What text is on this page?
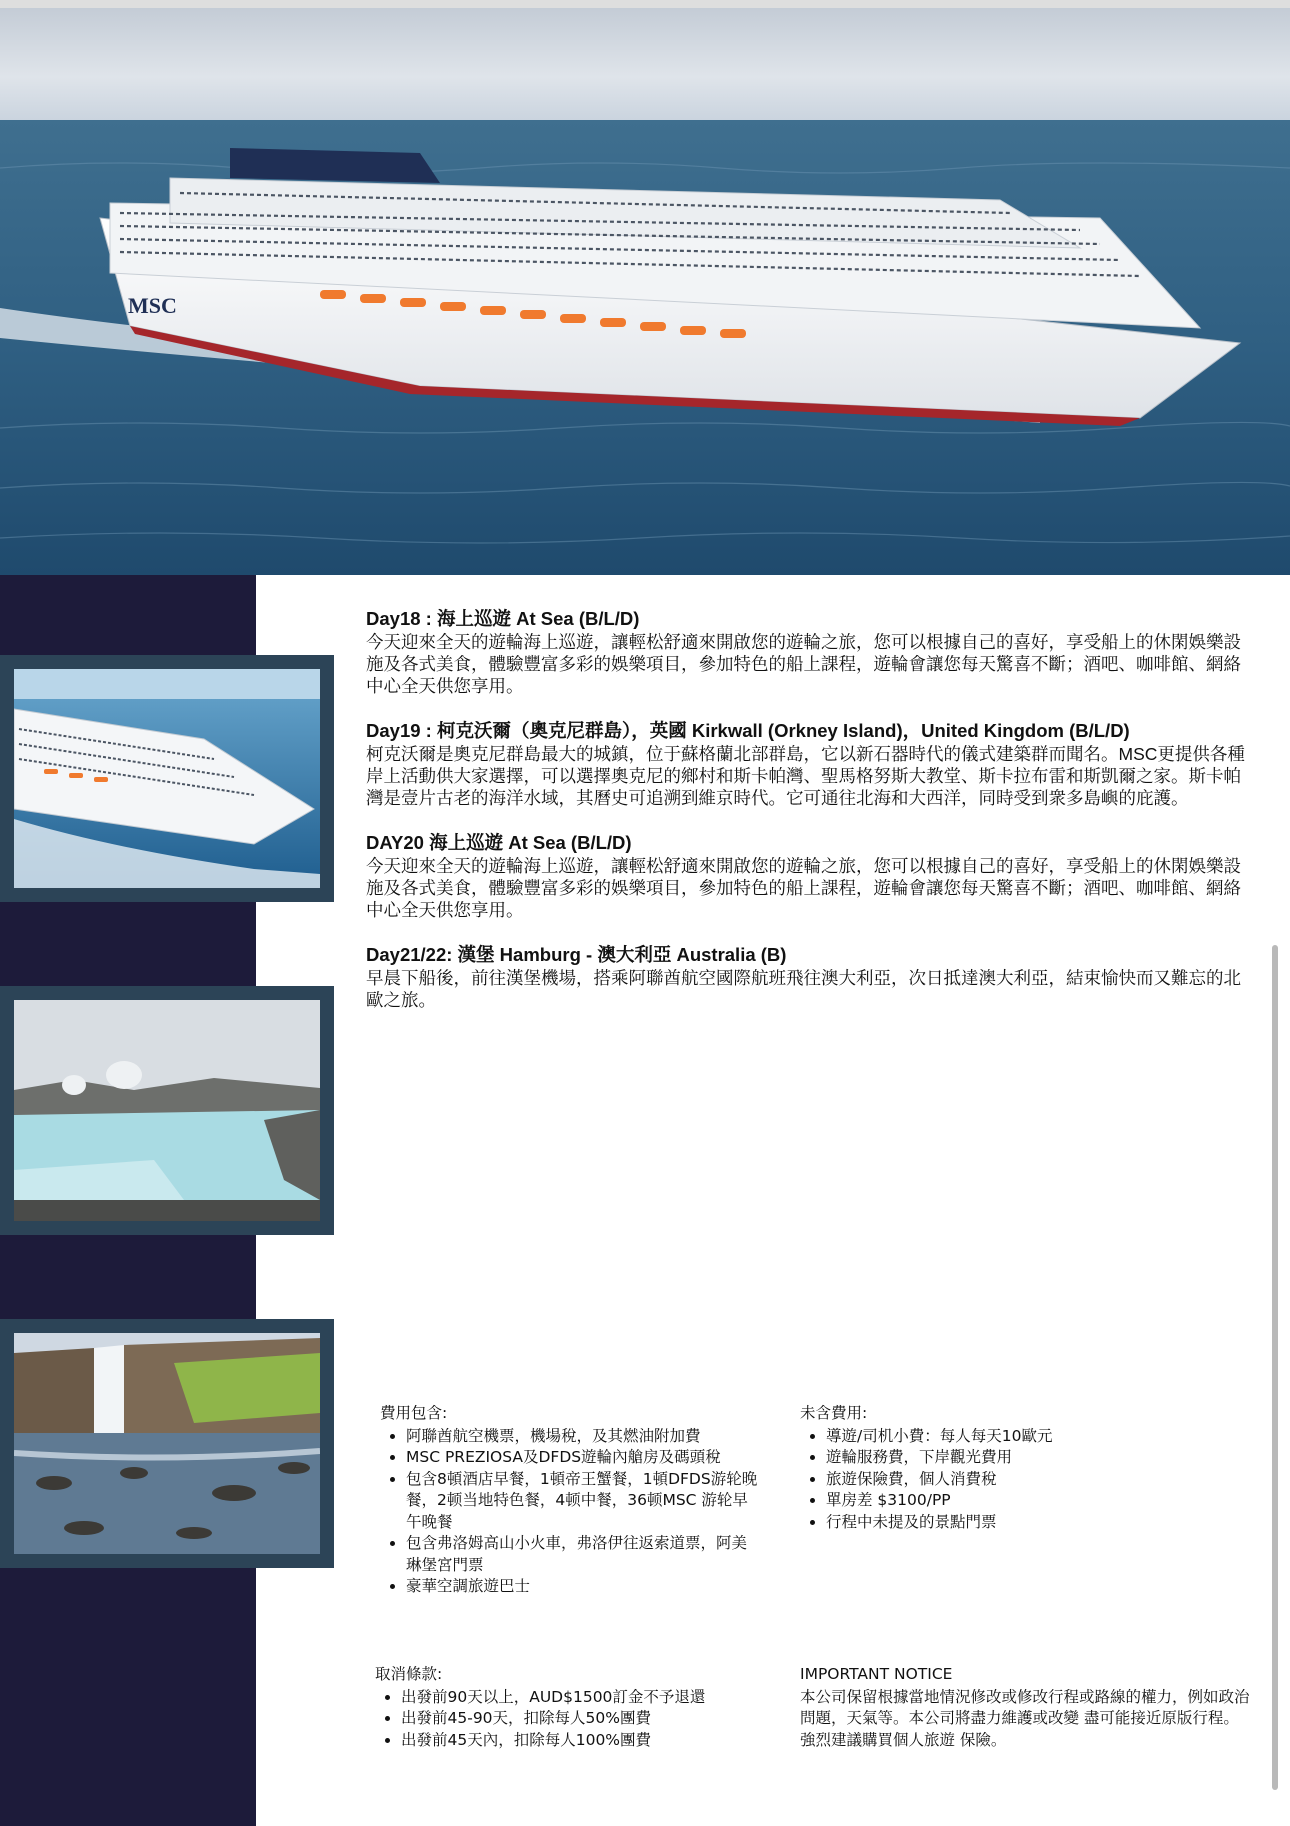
MSC
Day18 : 海上巡遊 At Sea (B/L/D)

今天迎來全天的遊輪海上巡遊，讓輕松舒適來開啟您的遊輪之旅，您可以根據自己的喜好，享受船上的休閑娛樂設施及各式美食，體驗豐富多彩的娛樂項目，參加特色的船上課程，遊輪會讓您每天驚喜不斷；酒吧、咖啡館、網絡中心全天供您享用。

Day19 : 柯克沃爾（奧克尼群島），英國 Kirkwall (Orkney Island)，United Kingdom (B/L/D)

柯克沃爾是奧克尼群島最大的城鎮，位于蘇格蘭北部群島，它以新石器時代的儀式建築群而聞名。MSC更提供各種岸上活動供大家選擇，可以選擇奧克尼的鄉村和斯卡帕灣、聖馬格努斯大教堂、斯卡拉布雷和斯凱爾之家。斯卡帕灣是壹片古老的海洋水域，其曆史可追溯到維京時代。它可通往北海和大西洋，同時受到衆多島嶼的庇護。

DAY20 海上巡遊 At Sea (B/L/D)

今天迎來全天的遊輪海上巡遊，讓輕松舒適來開啟您的遊輪之旅，您可以根據自己的喜好，享受船上的休閑娛樂設施及各式美食，體驗豐富多彩的娛樂項目，參加特色的船上課程，遊輪會讓您每天驚喜不斷；酒吧、咖啡館、網絡中心全天供您享用。

Day21/22: 漢堡 Hamburg - 澳大利亞 Australia (B)

早晨下船後，前往漢堡機場，搭乘阿聯酋航空國際航班飛往澳大利亞，次日抵達澳大利亞，結束愉快而又難忘的北歐之旅。

費用包含:

• 阿聯酋航空機票，機場稅，及其燃油附加費
• MSC PREZIOSA及DFDS遊輪內艙房及碼頭稅
• 包含8頓酒店早餐，1頓帝王蟹餐，1頓DFDS游轮晚餐，2顿当地特色餐，4顿中餐，36顿MSC 游轮早午晚餐
• 包含弗洛姆高山小火車，弗洛伊往返索道票，阿美琳堡宮門票
• 豪華空調旅遊巴士

未含費用:

• 導遊/司机小費：每人每天10歐元
• 遊輪服務費，下岸觀光費用
• 旅遊保險費，個人消費稅
• 單房差 $3100/PP
• 行程中未提及的景點門票

取消條款:

• 出發前90天以上，AUD$1500訂金不予退還
• 出發前45-90天，扣除每人50%團費
• 出發前45天內，扣除每人100%團費

IMPORTANT NOTICE

本公司保留根據當地情況修改或修改行程或路線的權力，例如政治問題，天氣等。本公司將盡力維護或改變 盡可能接近原版行程。強烈建議購買個人旅遊 保險。
